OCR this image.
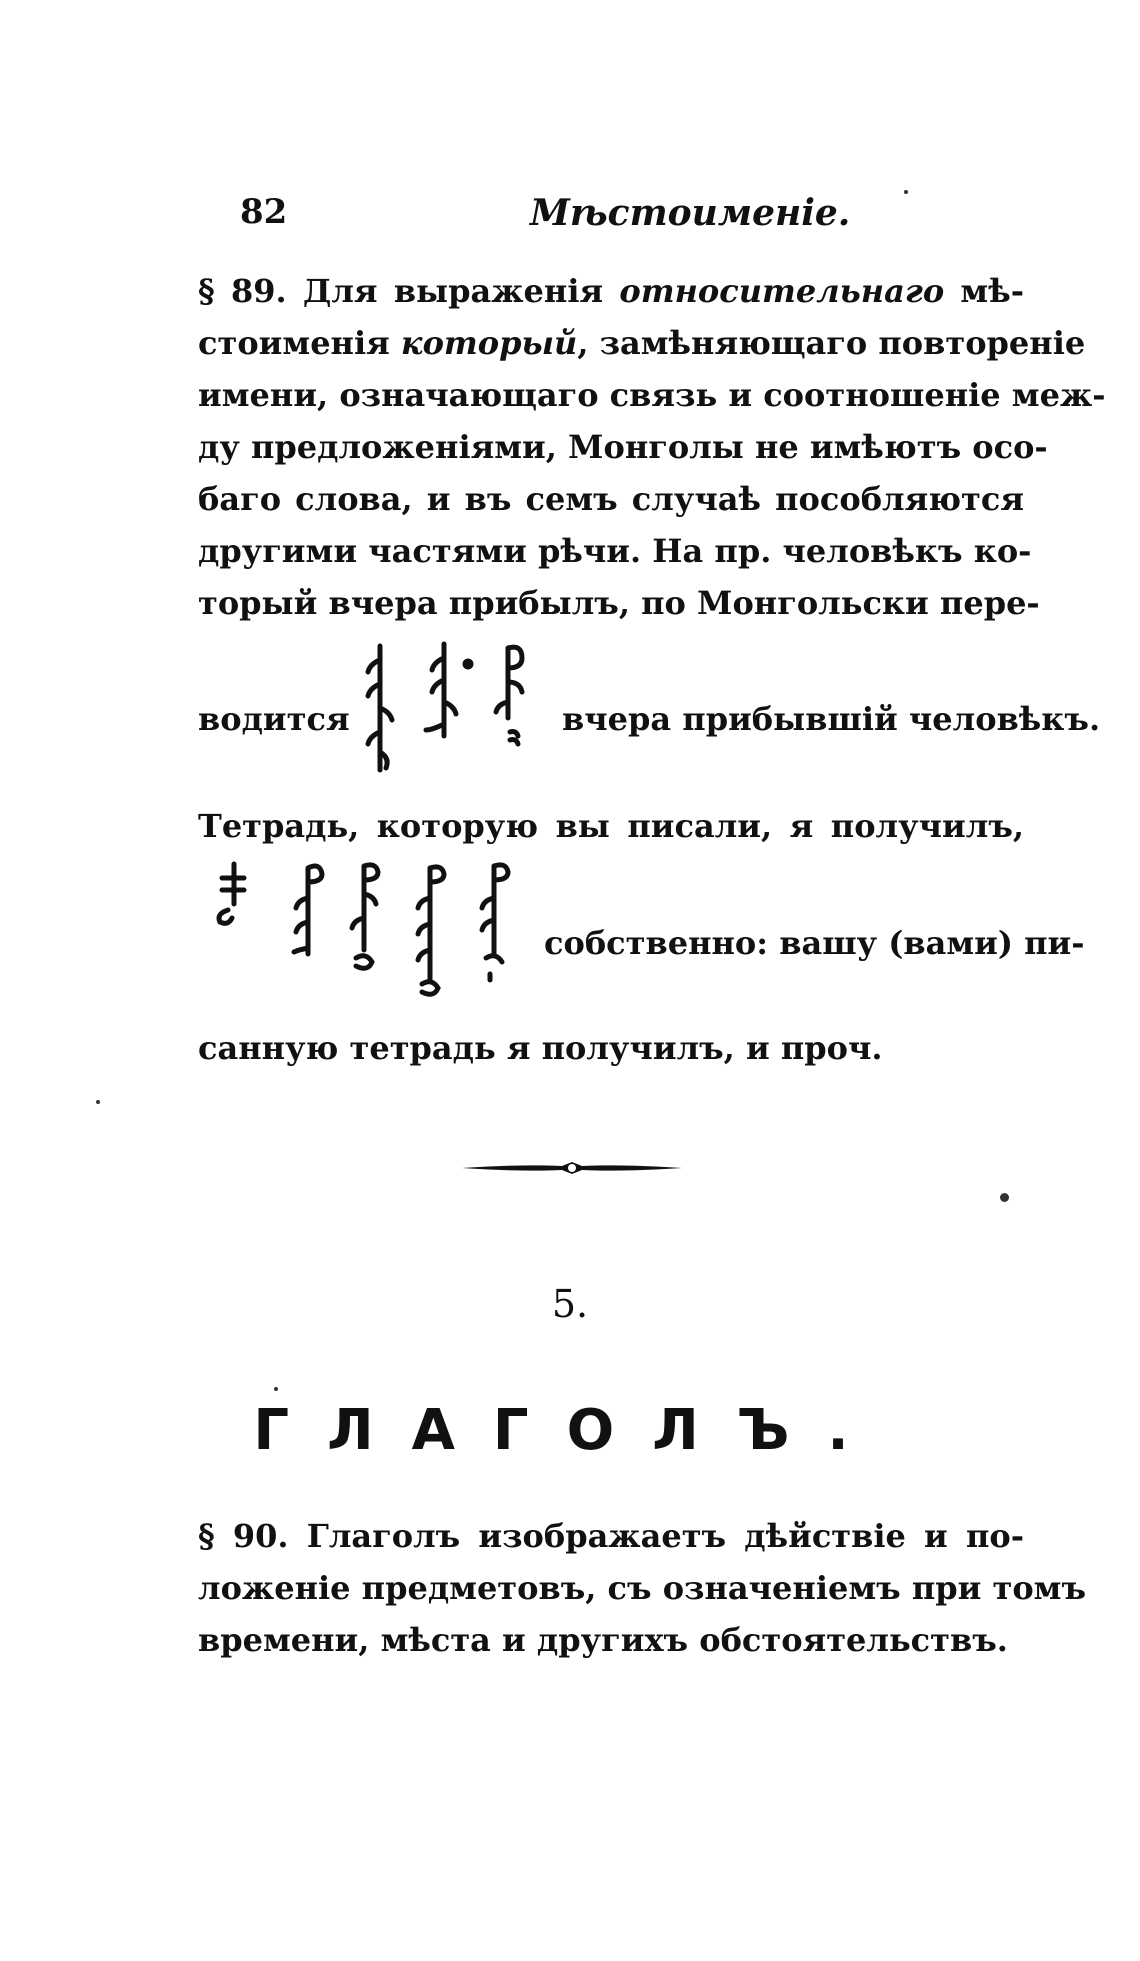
82	Мѣстоименіе.
§ 89. Для выраженія относительнаго мѣ-
стоименія который, замѣняющаго повтореніе
имени, означающаго связь и соотношеніе меж-
ду предложеніями, Монголы не имѣютъ осо-
баго слова, и въ семъ случаѣ пособляются
другими частями рѣчи. На пр. человѣкъ ко-
торый вчера прибылъ, по Монгольски пере-
водится	вчера прибывшій человѣкъ.
Тетрадь, которую вы писали, я получилъ,
собственно: вашу (вами) пи-
санную тетрадь я получилъ, и проч.
5.
ГЛАГОЛЪ.
§ 90. Глаголъ изображаетъ дѣйствіе и по-
ложеніе предметовъ, съ означеніемъ при томъ
времени, мѣста и другихъ обстоятельствъ.
